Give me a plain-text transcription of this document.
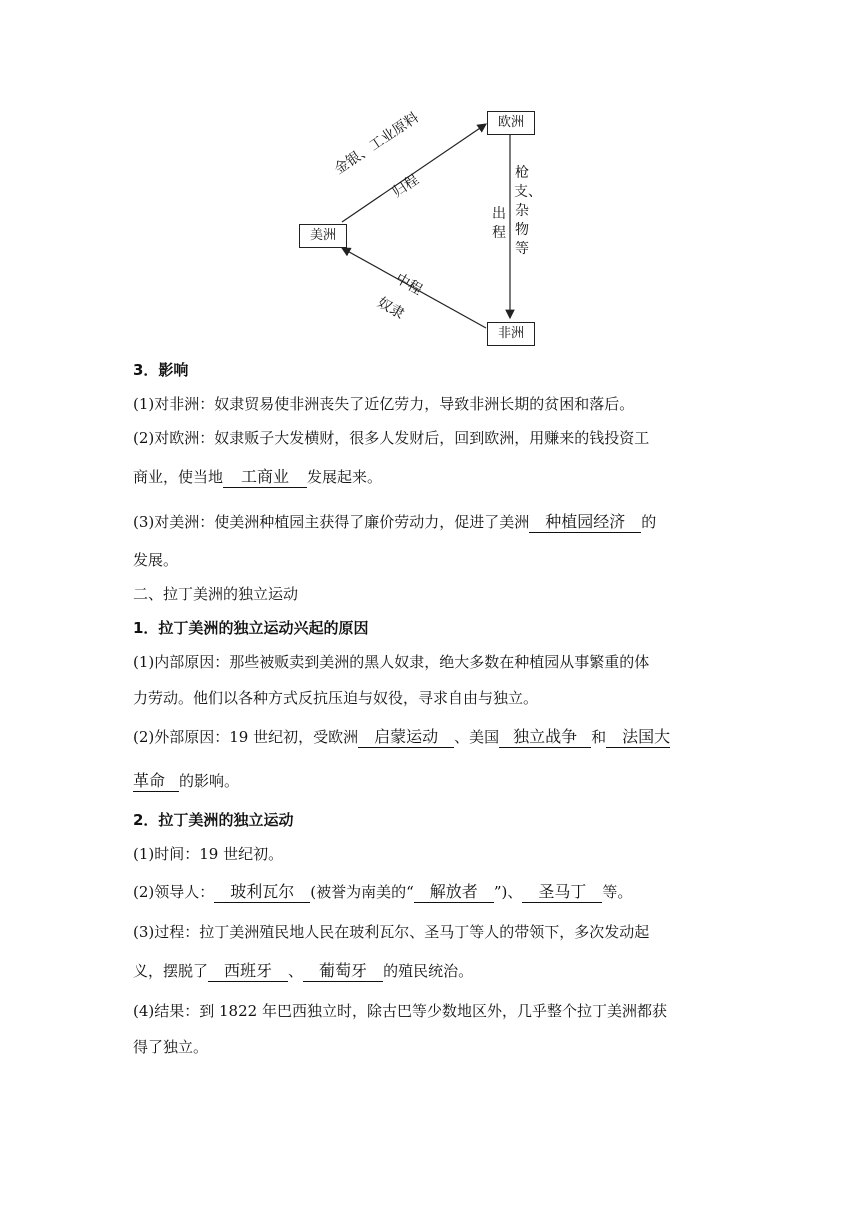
欧洲
美洲
非洲
金银、工业原料
归程
出程
枪支、杂物等
中程
奴隶
3．影响
(1)对非洲：奴隶贸易使非洲丧失了近亿劳力，导致非洲长期的贫困和落后。
(2)对欧洲：奴隶贩子大发横财，很多人发财后，回到欧洲，用赚来的钱投资工
商业，使当地 工商业 发展起来。
(3)对美洲：使美洲种植园主获得了廉价劳动力，促进了美洲 种植园经济 的
发展。
二、拉丁美洲的独立运动
1．拉丁美洲的独立运动兴起的原因
(1)内部原因：那些被贩卖到美洲的黑人奴隶，绝大多数在种植园从事繁重的体
力劳动。他们以各种方式反抗压迫与奴役，寻求自由与独立。
(2)外部原因：19 世纪初，受欧洲 启蒙运动 、美国 独立战争 和 法国大
革命 的影响。
2．拉丁美洲的独立运动
(1)时间：19 世纪初。
(2)领导人： 玻利瓦尔 (被誉为南美的“ 解放者 ”)、 圣马丁 等。
(3)过程：拉丁美洲殖民地人民在玻利瓦尔、圣马丁等人的带领下，多次发动起
义，摆脱了 西班牙 、 葡萄牙 的殖民统治。
(4)结果：到 1822 年巴西独立时，除古巴等少数地区外，几乎整个拉丁美洲都获
得了独立。
